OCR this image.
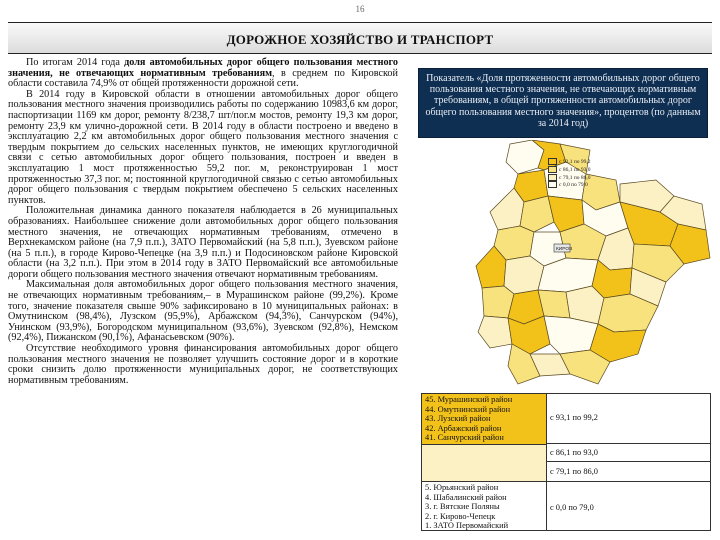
16
ДОРОЖНОЕ ХОЗЯЙСТВО И ТРАНСПОРТ

По итогам 2014 года доля автомобильных дорог общего пользования местного значения, не отвечающих нормативным требованиям, в среднем по Кировской области составила 74,9% от общей протяженности дорожной сети.

В 2014 году в Кировской области в отношении автомобильных дорог общего пользования местного значения производились работы по содержанию 10983,6 км дорог, паспортизации 1169 км дорог, ремонту 8/238,7 шт/пог.м мостов, ремонту 19,3 км дорог, ремонту 23,9 км улично-дорожной сети. В 2014 году в области построено и введено в эксплуатацию 2,2 км автомобильных дорог общего пользования местного значения с твердым покрытием до сельских населенных пунктов, не имеющих круглогодичной связи с сетью автомобильных дорог общего пользования, построен и введен в эксплуатацию 1 мост протяженностью 59,2 пог. м, реконструирован 1 мост протяженностью 37,3 пог. м; постоянной круглогодичной связью с сетью автомобильных дорог общего пользования с твердым покрытием обеспечено 5 сельских населенных пунктов.

Положительная динамика данного показателя наблюдается в 26 муниципальных образованиях. Наибольшее снижение доли автомобильных дорог общего пользования местного значения, не отвечающих нормативным требованиям, отмечено в Верхнекамском районе (на 7,9 п.п.), ЗАТО Первомайский (на 5,8 п.п.), Зуевском районе (на 5 п.п.), в городе Кирово-Чепецке (на 3,9 п.п.) и Подосиновском районе Кировской области (на 3,2 п.п.). При этом в 2014 году в ЗАТО Первомайский все автомобильные дороги общего пользования местного значения отвечают нормативным требованиям.

Максимальная доля автомобильных дорог общего пользования местного значения, не отвечающих нормативным требованиям,– в Мурашинском районе (99,2%). Кроме того, значение показателя свыше 90% зафиксировано в 10 муниципальных районах: в Омутнинском (98,4%), Лузском (95,9%), Арбажском (94,3%), Санчурском (94%), Унинском (93,9%), Богородском муниципальном (93,6%), Зуевском (92,8%), Немском (92,4%), Пижанском (90,1%), Афанасьевском (90%).

Отсутствие необходимого уровня финансирования автомобильных дорог общего пользования местного значения не позволяет улучшить состояние дорог и в короткие сроки снизить долю протяженности муниципальных дорог, не соответствующих нормативным требованиям.

Показатель «Доля протяженности автомобильных дорог общего пользования местного значения, не отвечающих нормативным требованиям, в общей протяженности автомобильных дорог общего пользования местного значения», процентов (по данным за 2014 год)
КИРОВ
c 93,1 по 99,2
c 86,1 по 93,0
c 79,1 по 86,0
c 0,0 по 79,0
45. Мурашинский район
44. Омутнинский район
43. Лузский район
42. Арбажский район
41. Санчурский район
5. Юрьянский район
4. Шабалинский район
3. г. Вятские Поляны
2. г. Кирово-Чепецк
1. ЗАТО Первомайский
c 93,1 по 99,2
c 86,1 по 93,0
c 79,1 по 86,0
c 0,0 по 79,0
